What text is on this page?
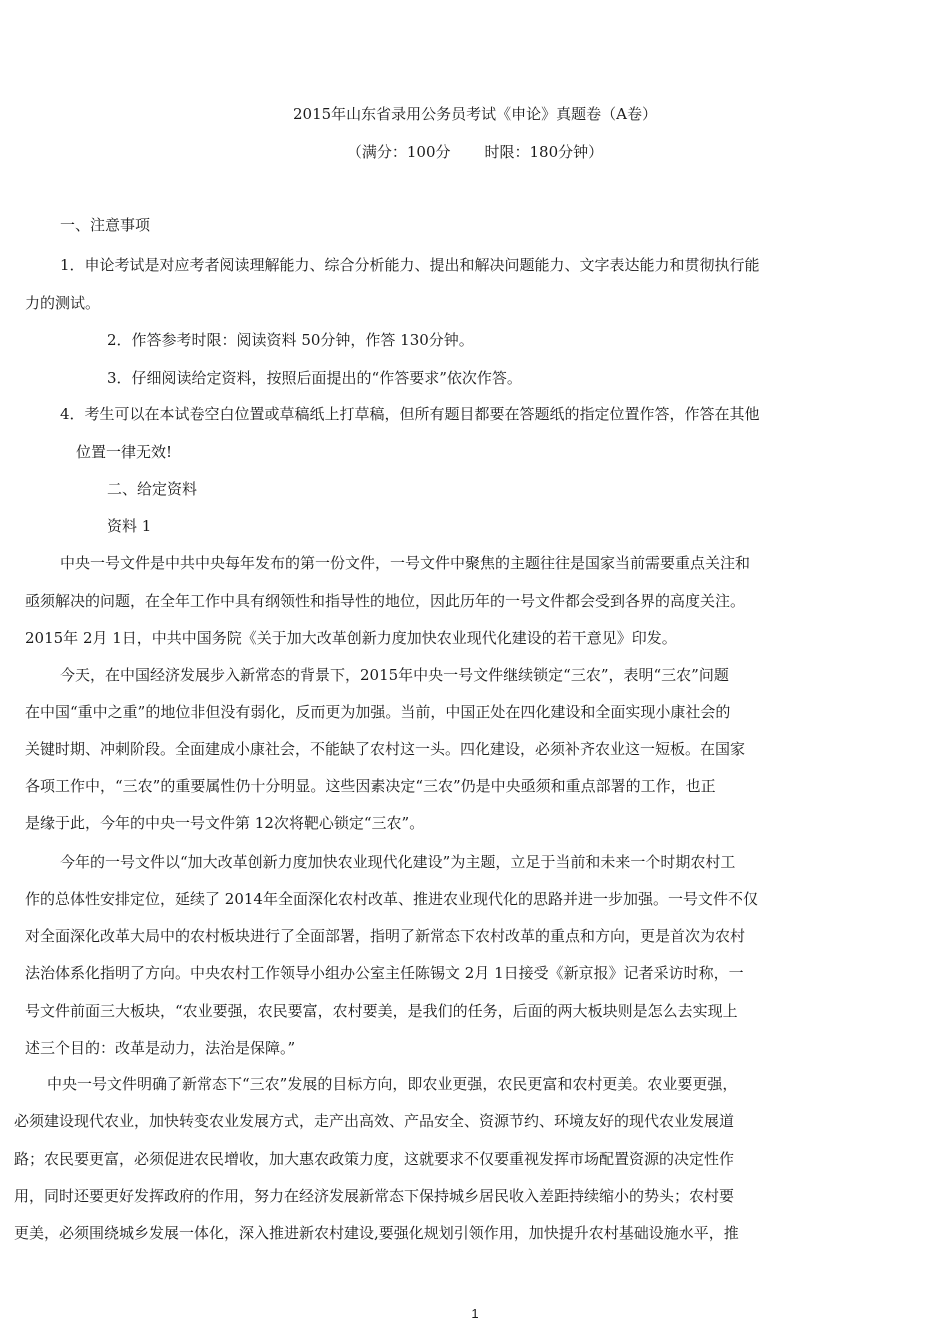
2015年山东省录用公务员考试《申论》真题卷（A卷）
（满分：100分 时限：180分钟）
一、注意事项
1．申论考试是对应考者阅读理解能力、综合分析能力、提出和解决问题能力、文字表达能力和贯彻执行能
力的测试。
2．作答参考时限：阅读资料 50分钟，作答 130分钟。
3．仔细阅读给定资料，按照后面提出的“作答要求”依次作答。
4．考生可以在本试卷空白位置或草稿纸上打草稿，但所有题目都要在答题纸的指定位置作答，作答在其他
位置一律无效!
二、给定资料
资料 1
中央一号文件是中共中央每年发布的第一份文件，一号文件中聚焦的主题往往是国家当前需要重点关注和
亟须解决的问题，在全年工作中具有纲领性和指导性的地位，因此历年的一号文件都会受到各界的高度关注。
2015年 2月 1日，中共中国务院《关于加大改革创新力度加快农业现代化建设的若干意见》印发。
今天，在中国经济发展步入新常态的背景下，2015年中央一号文件继续锁定“三农”，表明“三农”问题
在中国“重中之重”的地位非但没有弱化，反而更为加强。当前，中国正处在四化建设和全面实现小康社会的
关键时期、冲刺阶段。全面建成小康社会，不能缺了农村这一头。四化建设，必须补齐农业这一短板。在国家
各项工作中，“三农”的重要属性仍十分明显。这些因素决定“三农”仍是中央亟须和重点部署的工作，也正
是缘于此，今年的中央一号文件第 12次将靶心锁定“三农”。
今年的一号文件以“加大改革创新力度加快农业现代化建设”为主题，立足于当前和未来一个时期农村工
作的总体性安排定位，延续了 2014年全面深化农村改革、推进农业现代化的思路并进一步加强。一号文件不仅
对全面深化改革大局中的农村板块进行了全面部署，指明了新常态下农村改革的重点和方向，更是首次为农村
法治体系化指明了方向。中央农村工作领导小组办公室主任陈锡文 2月 1日接受《新京报》记者采访时称，一
号文件前面三大板块，“农业要强，农民要富，农村要美，是我们的任务，后面的两大板块则是怎么去实现上
述三个目的：改革是动力，法治是保障。”
中央一号文件明确了新常态下“三农”发展的目标方向，即农业更强，农民更富和农村更美。农业要更强，
必须建设现代农业，加快转变农业发展方式，走产出高效、产品安全、资源节约、环境友好的现代农业发展道
路；农民要更富，必须促进农民增收，加大惠农政策力度，这就要求不仅要重视发挥市场配置资源的决定性作
用，同时还要更好发挥政府的作用，努力在经济发展新常态下保持城乡居民收入差距持续缩小的势头；农村要
更美，必须围绕城乡发展一体化，深入推进新农村建设,要强化规划引领作用，加快提升农村基础设施水平，推
1
